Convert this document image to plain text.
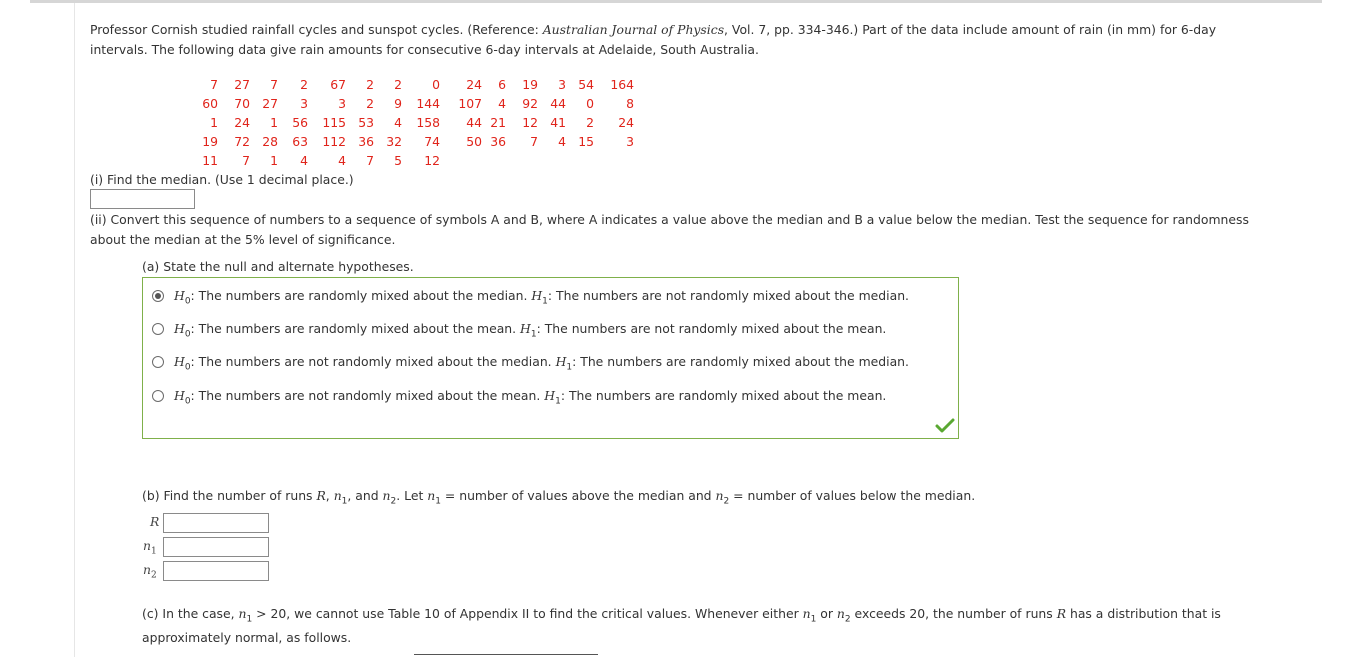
Professor Cornish studied rainfall cycles and sunspot cycles. (Reference: Australian Journal of Physics, Vol. 7, pp. 334-346.) Part of the data include amount of rain (in mm) for 6-day
intervals. The following data give rain amounts for consecutive 6-day intervals at Adelaide, South Australia.
7	27	7	2	67	2	2	0	24	6	19	3	54	164
60	70	27	3	3	2	9	144	107	4	92	44	0	8
1	24	1	56	115	53	4	158	44	21	12	41	2	24
19	72	28	63	112	36	32	74	50	36	7	4	15	3
11	7	1	4	4	7	5	12						
(i) Find the median. (Use 1 decimal place.)
(ii) Convert this sequence of numbers to a sequence of symbols A and B, where A indicates a value above the median and B a value below the median. Test the sequence for randomness
about the median at the 5% level of significance.
(a) State the null and alternate hypotheses.
$H_0$: The numbers are randomly mixed about the median. $H_1$: The numbers are not randomly mixed about the median.
$H_0$: The numbers are randomly mixed about the mean. $H_1$: The numbers are not randomly mixed about the mean.
$H_0$: The numbers are not randomly mixed about the median. $H_1$: The numbers are randomly mixed about the median.
$H_0$: The numbers are not randomly mixed about the mean. $H_1$: The numbers are randomly mixed about the mean.
(b) Find the number of runs R, $n_1$, and $n_2$. Let $n_1$ = number of values above the median and $n_2$ = number of values below the median.
R
$n_1$
$n_2$
(c) In the case, $n_1 > 20$, we cannot use Table 10 of Appendix II to find the critical values. Whenever either $n_1$ or $n_2$ exceeds 20, the number of runs R has a distribution that is
approximately normal, as follows.
